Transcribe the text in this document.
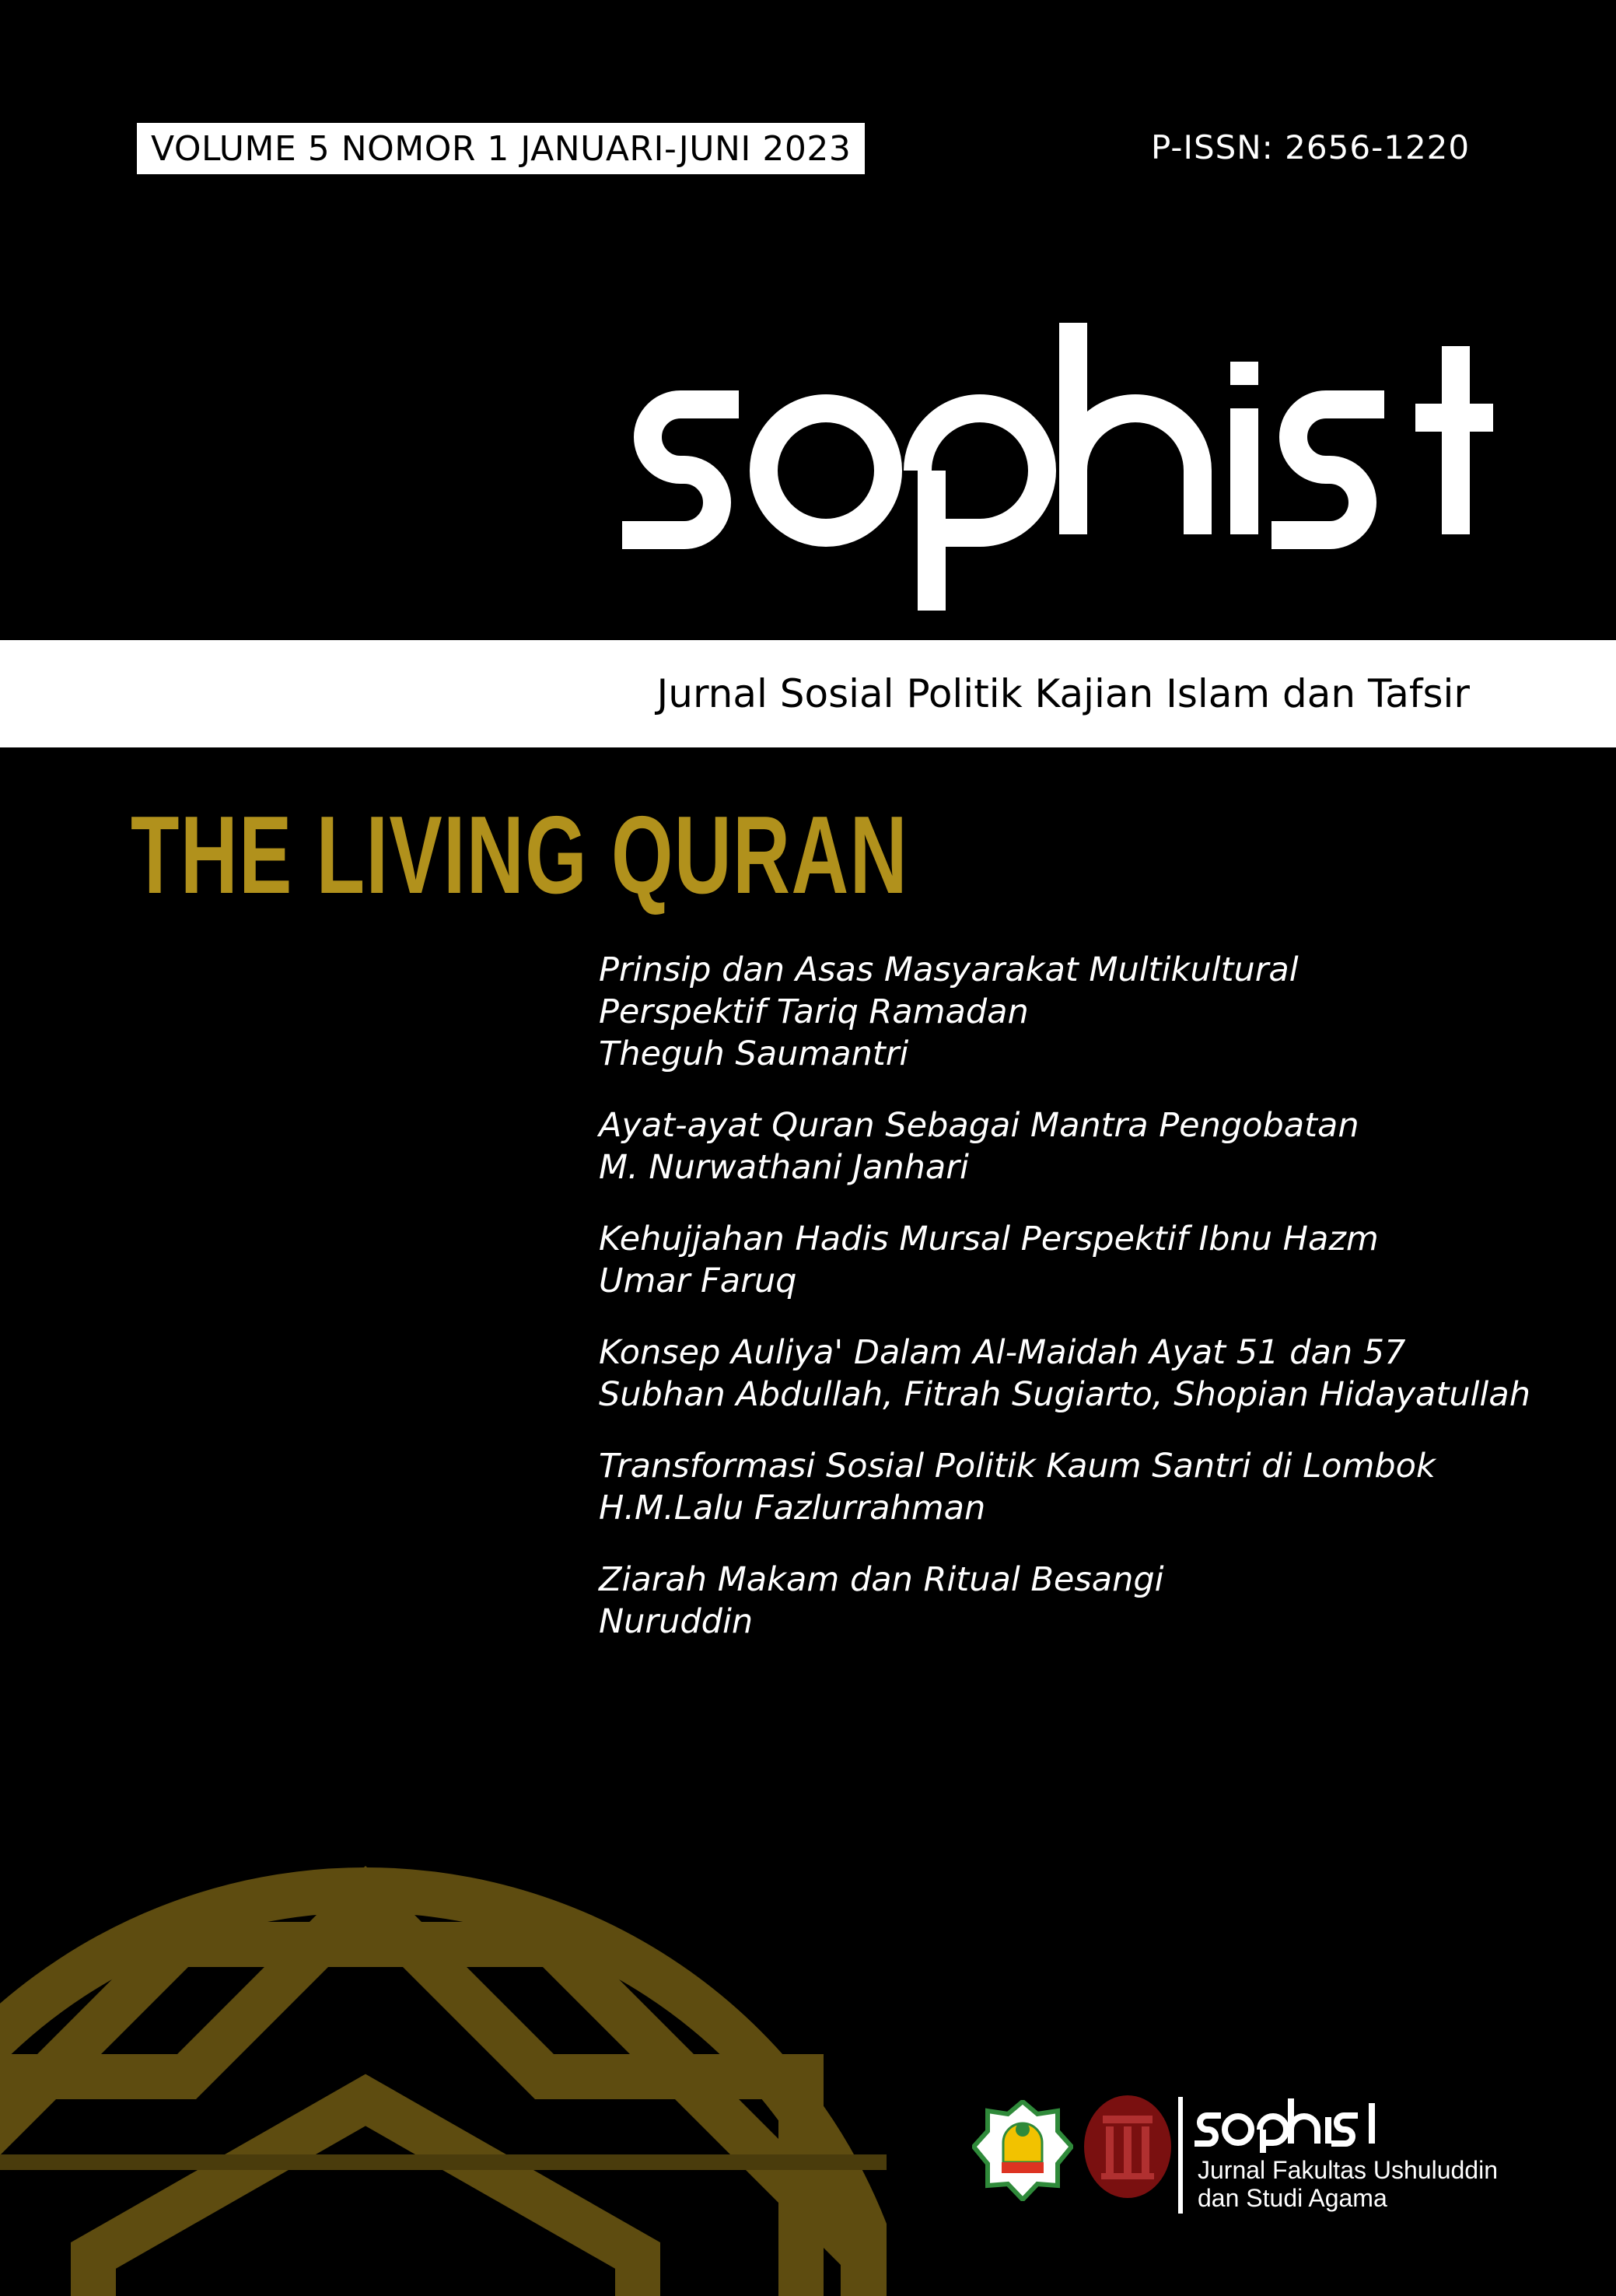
VOLUME 5 NOMOR 1 JANUARI-JUNI 2023	P-ISSN: 2656-1220
Jurnal Sosial Politik Kajian Islam dan Tafsir
THE LIVING QURAN
Prinsip dan Asas Masyarakat Multikultural
Perspektif Tariq Ramadan
Theguh Saumantri
Ayat-ayat Quran Sebagai Mantra Pengobatan
M. Nurwathani Janhari
Kehujjahan Hadis Mursal Perspektif Ibnu Hazm
Umar Faruq
Konsep Auliya' Dalam Al-Maidah Ayat 51 dan 57
Subhan Abdullah, Fitrah Sugiarto, Shopian Hidayatullah
Transformasi Sosial Politik Kaum Santri di Lombok
H.M.Lalu Fazlurrahman
Ziarah Makam dan Ritual Besangi
Nuruddin
Jurnal Fakultas Ushuluddin
dan Studi Agama
